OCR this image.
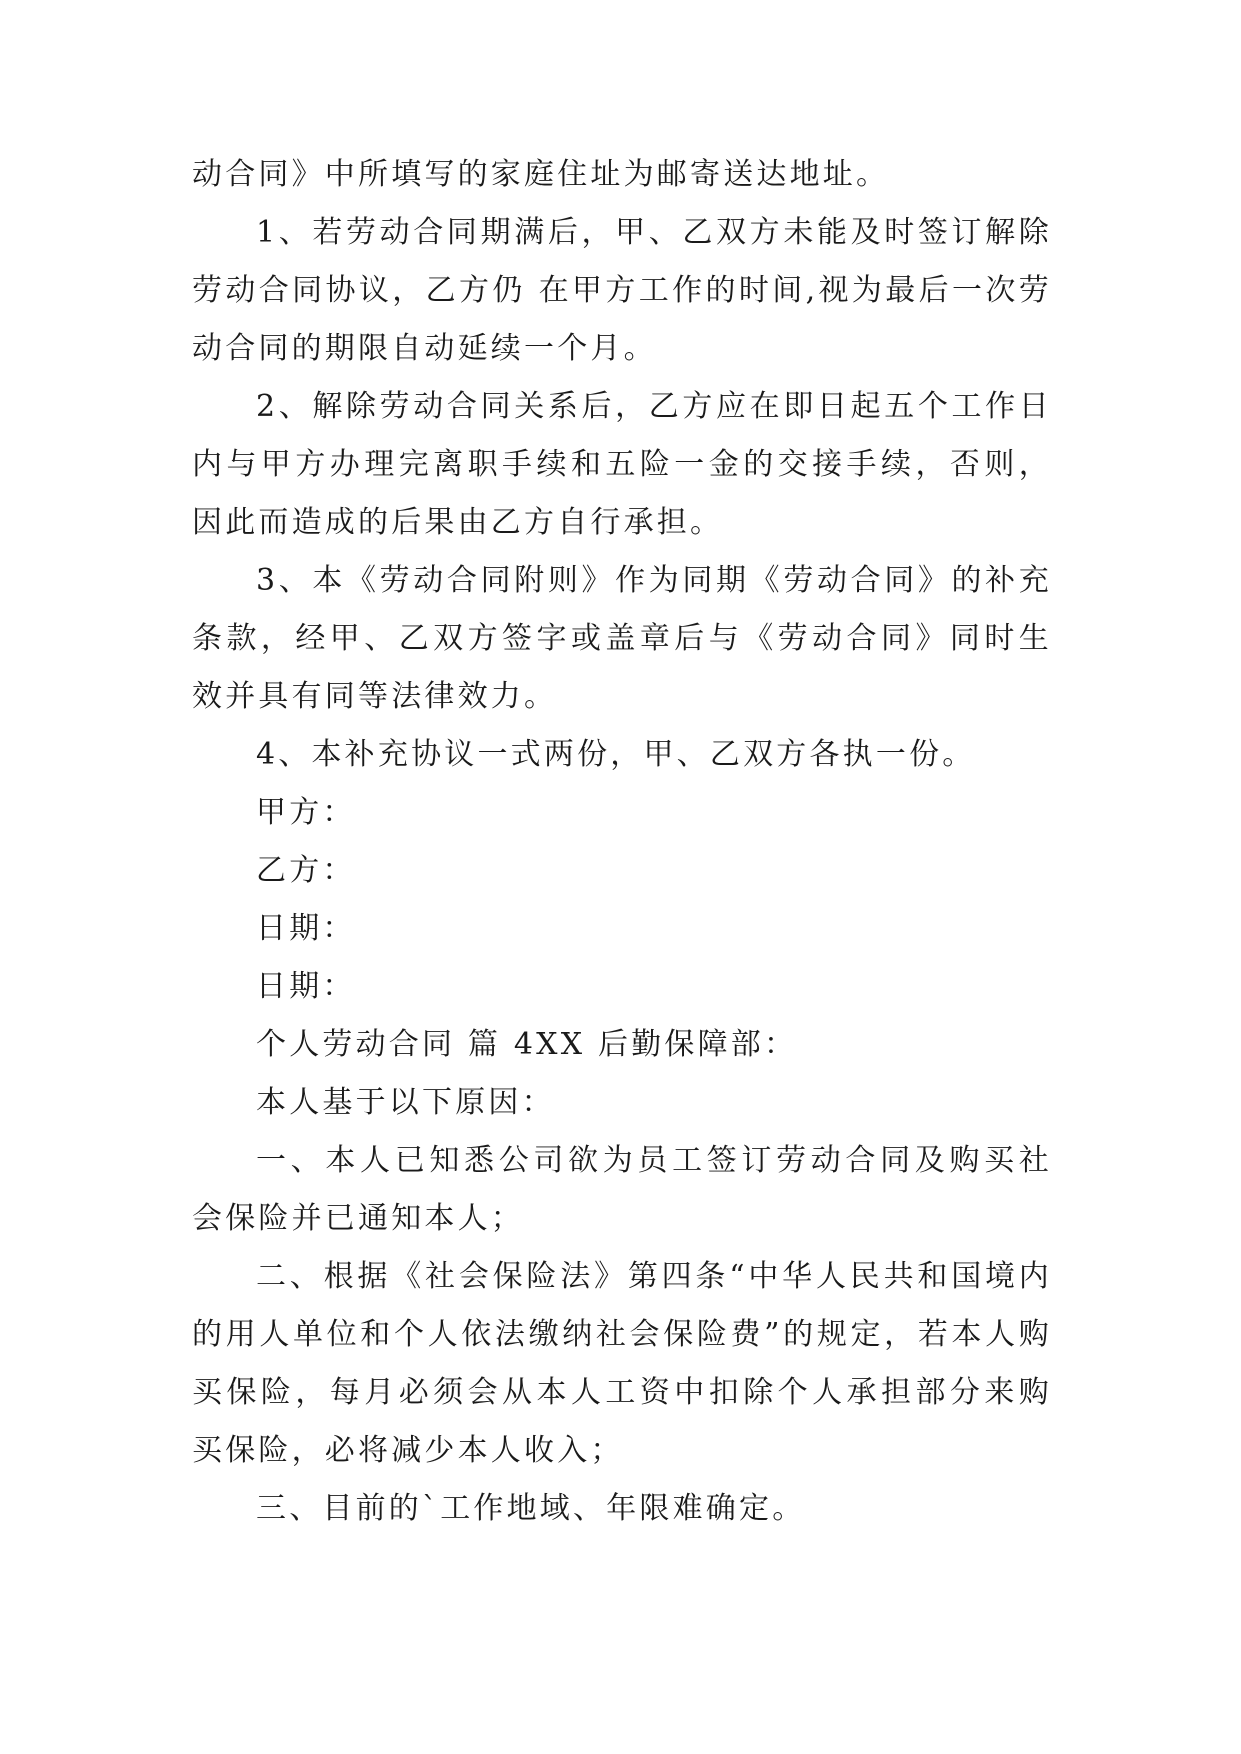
动合同》中所填写的家庭住址为邮寄送达地址。

1、若劳动合同期满后，甲、乙双方未能及时签订解除劳动合同协议，乙方仍 在甲方工作的时间,视为最后一次劳动合同的期限自动延续一个月。

2、解除劳动合同关系后，乙方应在即日起五个工作日内与甲方办理完离职手续和五险一金的交接手续，否则，因此而造成的后果由乙方自行承担。

3、本《劳动合同附则》作为同期《劳动合同》的补充条款，经甲、乙双方签字或盖章后与《劳动合同》同时生效并具有同等法律效力。

4、本补充协议一式两份，甲、乙双方各执一份。

甲方：

乙方：

日期：

日期：

个人劳动合同 篇 4XX 后勤保障部：

本人基于以下原因：

一、本人已知悉公司欲为员工签订劳动合同及购买社会保险并已通知本人；

二、根据《社会保险法》第四条“中华人民共和国境内的用人单位和个人依法缴纳社会保险费”的规定，若本人购买保险，每月必须会从本人工资中扣除个人承担部分来购买保险，必将减少本人收入；

三、目前的`工作地域、年限难确定。
